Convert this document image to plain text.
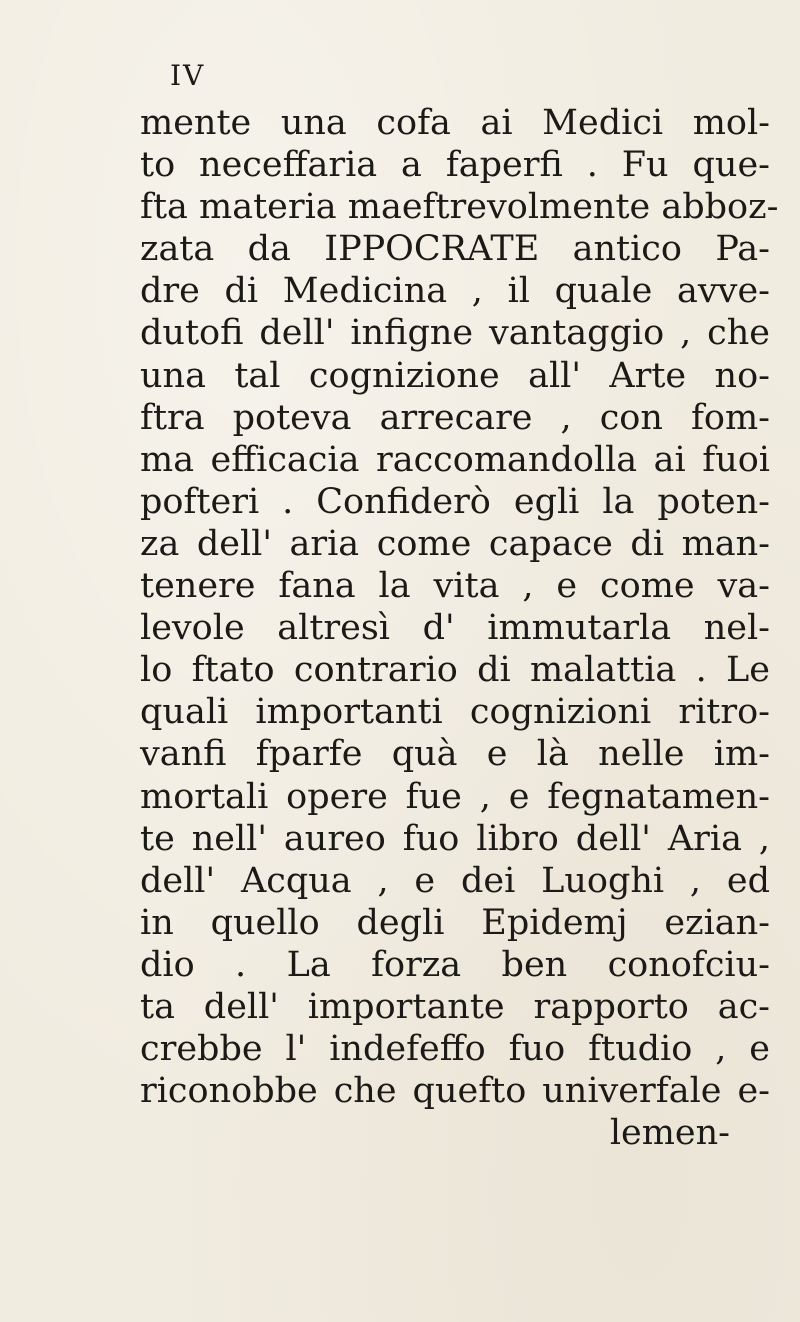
IV
mente una cofa ai Medici mol-
to neceffaria a faperfi . Fu que-
fta materia maeftrevolmente abboz-
zata da IPPOCRATE antico Pa-
dre di Medicina , il quale avve-
dutofi dell' infigne vantaggio , che
una tal cognizione all' Arte no-
ftra poteva arrecare , con fom-
ma efficacia raccomandolla ai fuoi
pofteri . Confiderò egli la poten-
za dell' aria come capace di man-
tenere fana la vita , e come va-
levole altresì d' immutarla nel-
lo ftato contrario di malattia . Le
quali importanti cognizioni ritro-
vanfi fparfe quà e là nelle im-
mortali opere fue , e fegnatamen-
te nell' aureo fuo libro dell' Aria ,
dell' Acqua , e dei Luoghi , ed
in quello degli Epidemj ezian-
dio . La forza ben conofciu-
ta dell' importante rapporto ac-
crebbe l' indefeffo fuo ftudio , e
riconobbe che quefto univerfale e-
lemen-
